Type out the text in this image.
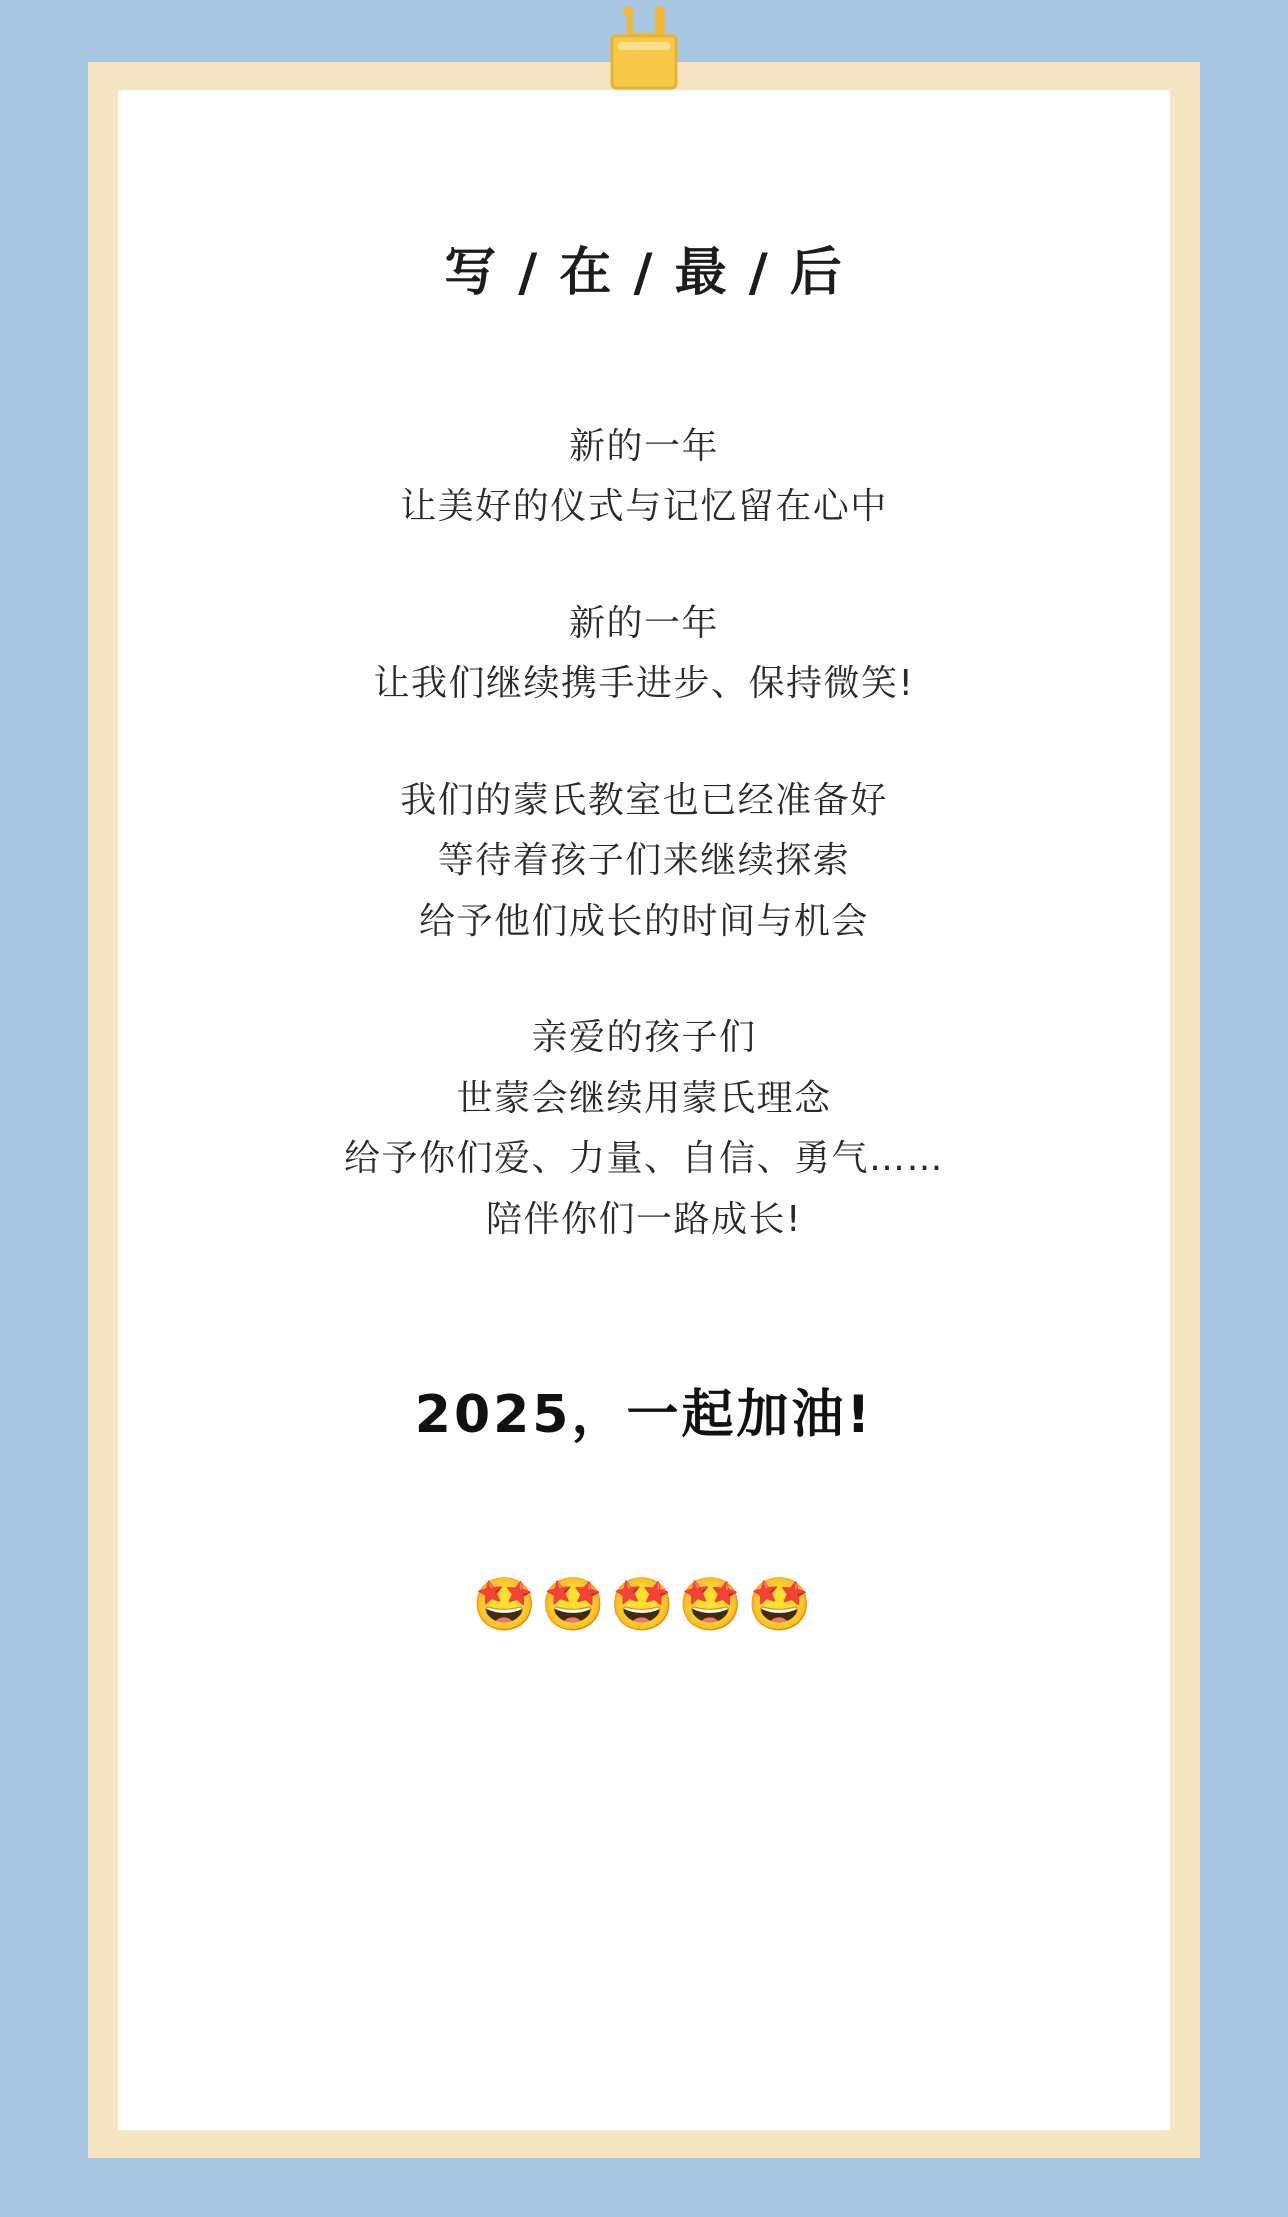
写 / 在 / 最 / 后
新的一年
让美好的仪式与记忆留在心中
新的一年
让我们继续携手进步、保持微笑!
我们的蒙氏教室也已经准备好
等待着孩子们来继续探索
给予他们成长的时间与机会
亲爱的孩子们
世蒙会继续用蒙氏理念
给予你们爱、力量、自信、勇气……
陪伴你们一路成长!
2025，一起加油!
🤩🤩🤩🤩🤩
